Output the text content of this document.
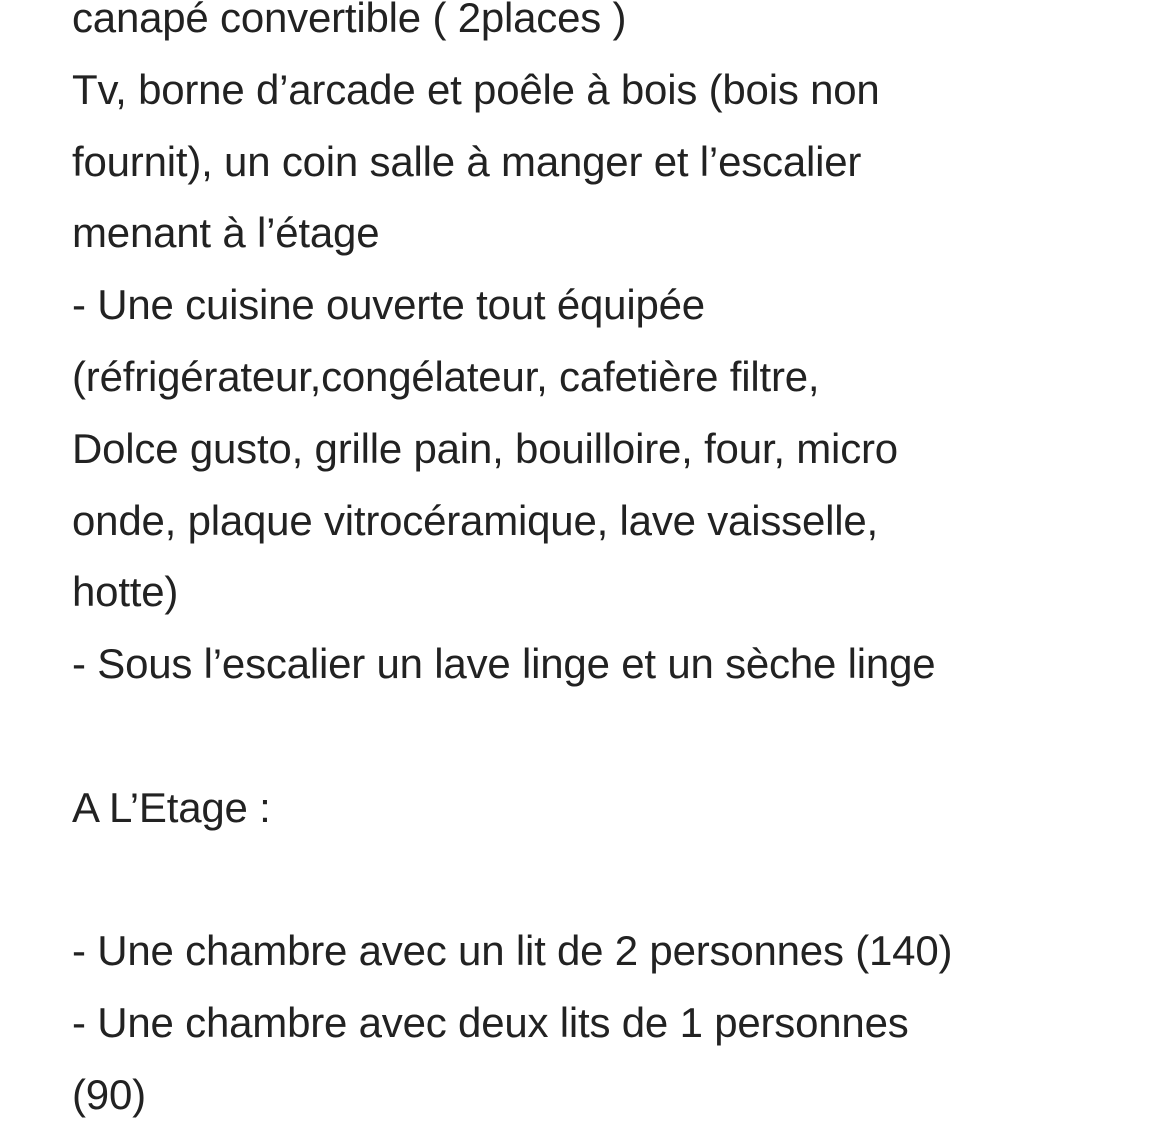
canapé convertible ( 2places )
Tv, borne d’arcade et poêle à bois (bois non
fournit), un coin salle à manger et l’escalier
menant à l’étage
- Une cuisine ouverte tout équipée
(réfrigérateur,congélateur, cafetière filtre,
Dolce gusto, grille pain, bouilloire, four, micro
onde, plaque vitrocéramique, lave vaisselle,
hotte)
- Sous l’escalier un lave linge et un sèche linge
A L’Etage :
- Une chambre avec un lit de 2 personnes (140)
- Une chambre avec deux lits de 1 personnes
(90)
